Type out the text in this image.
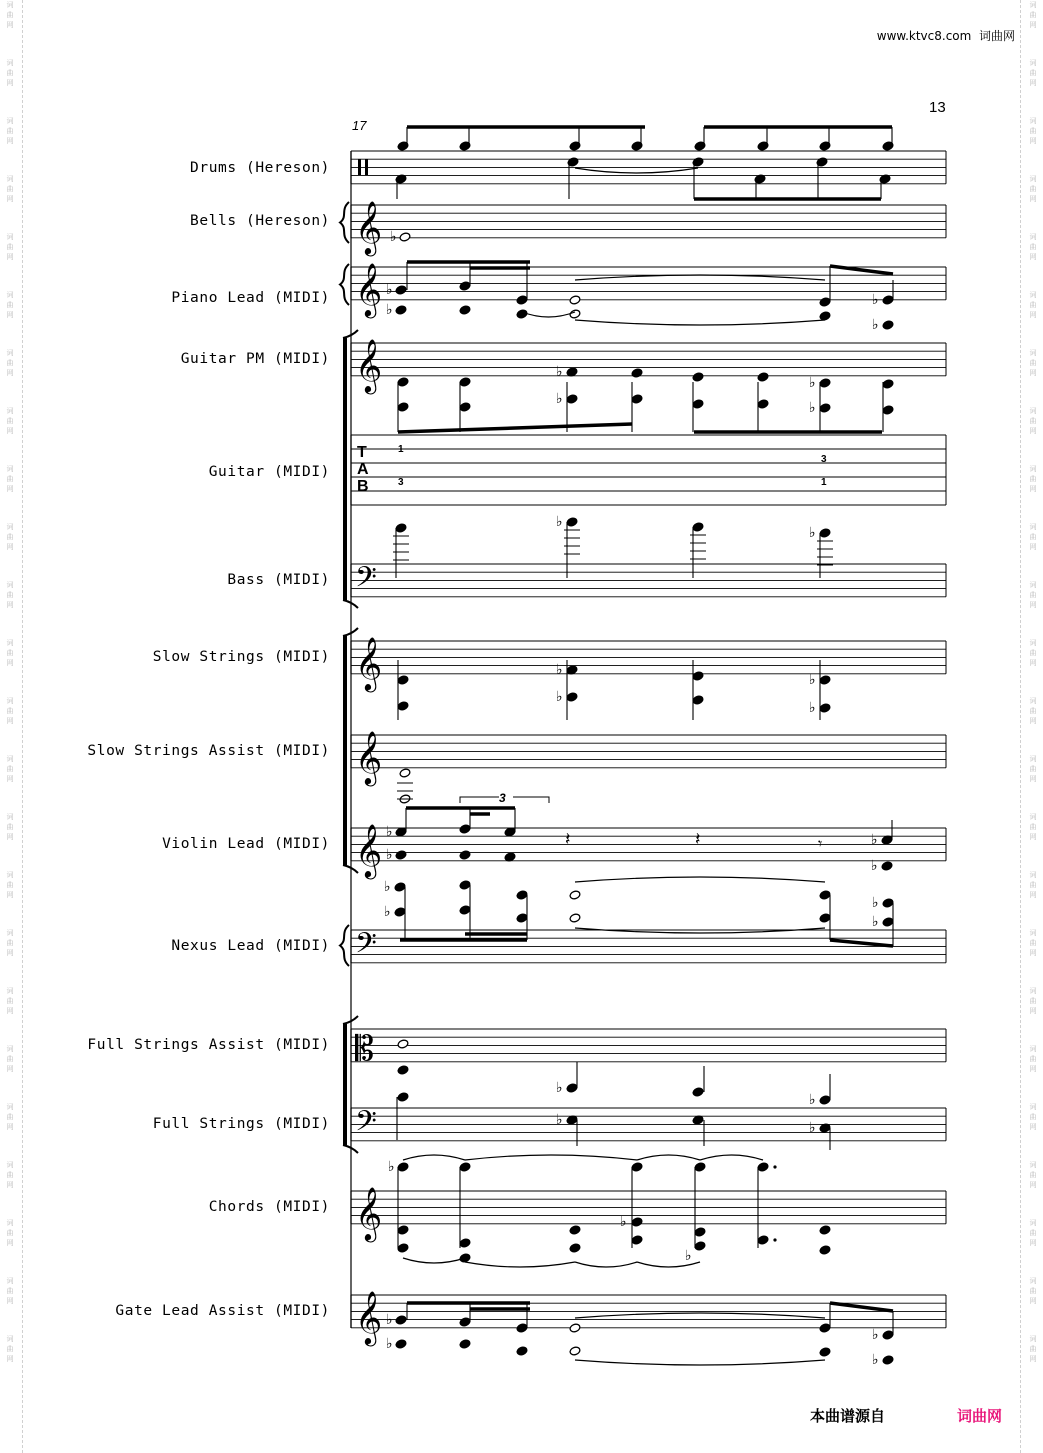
词
曲
网
词
曲
网
词
曲
网
词
曲
网
词
曲
网
词
曲
网
词
曲
网
词
曲
网
词
曲
网
词
曲
网
词
曲
网
词
曲
网
词
曲
网
词
曲
网
词
曲
网
词
曲
网
词
曲
网
词
曲
网
词
曲
网
词
曲
网
词
曲
网
词
曲
网
词
曲
网
词
曲
网
词
曲
网
词
曲
网
词
曲
网
词
曲
网
词
曲
网
词
曲
网
词
曲
网
词
曲
网
词
曲
网
词
曲
网
词
曲
网
词
曲
网
词
曲
网
词
曲
网
词
曲
网
词
曲
网
词
曲
网
词
曲
网
词
曲
网
词
曲
网
词
曲
网
词
曲
网
词
曲
网
词
曲
网
www.ktvc8.com 词曲网
13
17
Drums (Hereson)
Bells (Hereson)
Piano Lead (MIDI)
Guitar PM (MIDI)
Guitar (MIDI)
Bass (MIDI)
Slow Strings (MIDI)
Slow Strings Assist (MIDI)
Violin Lead (MIDI)
Nexus Lead (MIDI)
Full Strings Assist (MIDI)
Full Strings (MIDI)
Chords (MIDI)
Gate Lead Assist (MIDI)
𝄞
𝄞
𝄞
T
A
B
𝄢
𝄞
𝄞
𝄞
𝄢
𝄡
𝄢
𝄞
𝄞
♭
♭
♭
♭
♭
♭
♭
♭
♭
♭
♭
♭
♭
♭
♭
𝄽	𝄽	𝄾
♭
♭
♭
♭
♭
♭
♭
♭
♭
♭
♭
♭
♭
♭
♭
♭
♭
♭
♭
1
3
3
1
3
本曲谱源自	词曲网
